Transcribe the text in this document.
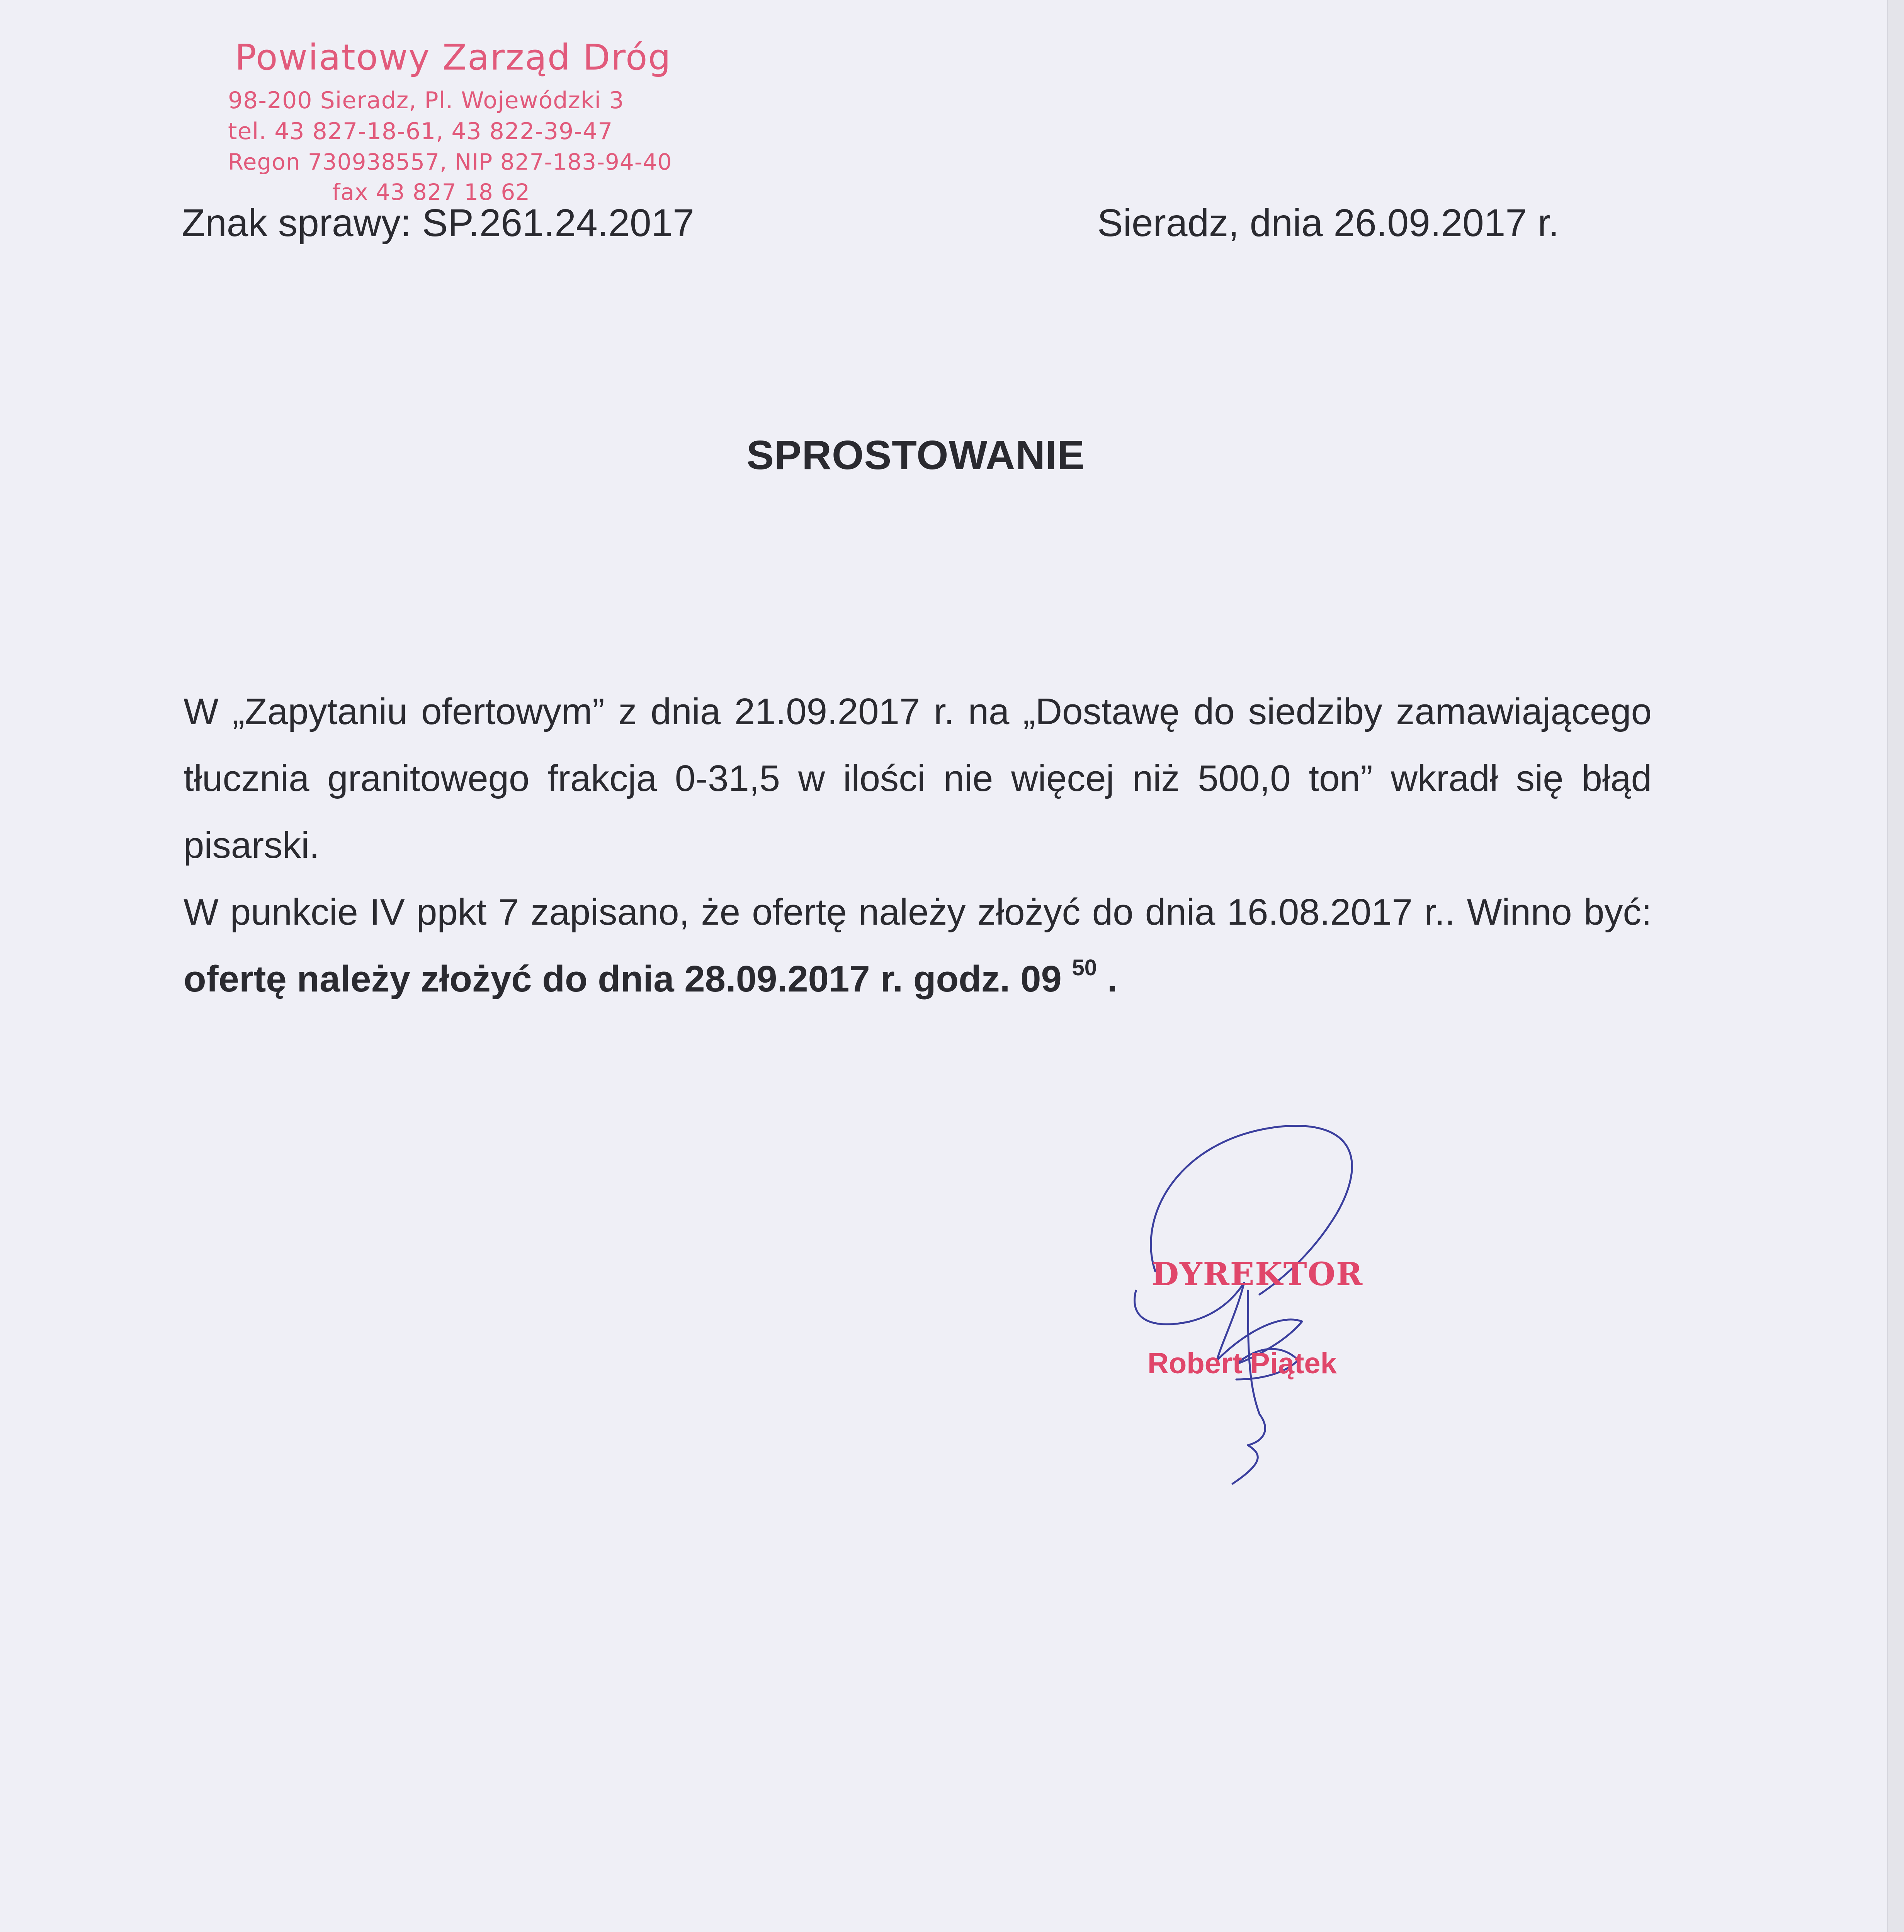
Powiatowy Zarząd Dróg
98-200 Sieradz, Pl. Wojewódzki 3
tel. 43 827-18-61, 43 822-39-47
Regon 730938557, NIP 827-183-94-40
fax 43 827 18 62
Znak sprawy: SP.261.24.2017	Sieradz, dnia 26.09.2017 r.
SPROSTOWANIE

W „Zapytaniu ofertowym” z dnia 21.09.2017 r. na „Dostawę do siedziby zamawiającego tłucznia granitowego frakcja 0-31,5 w ilości nie więcej niż 500,0 ton” wkradł się błąd pisarski.

W punkcie IV ppkt 7 zapisano, że ofertę należy złożyć do dnia 16.08.2017 r.. Winno być: ofertę należy złożyć do dnia 28.09.2017 r. godz. 09 $^{50}$ .

DYREKTOR
Robert Piątek
